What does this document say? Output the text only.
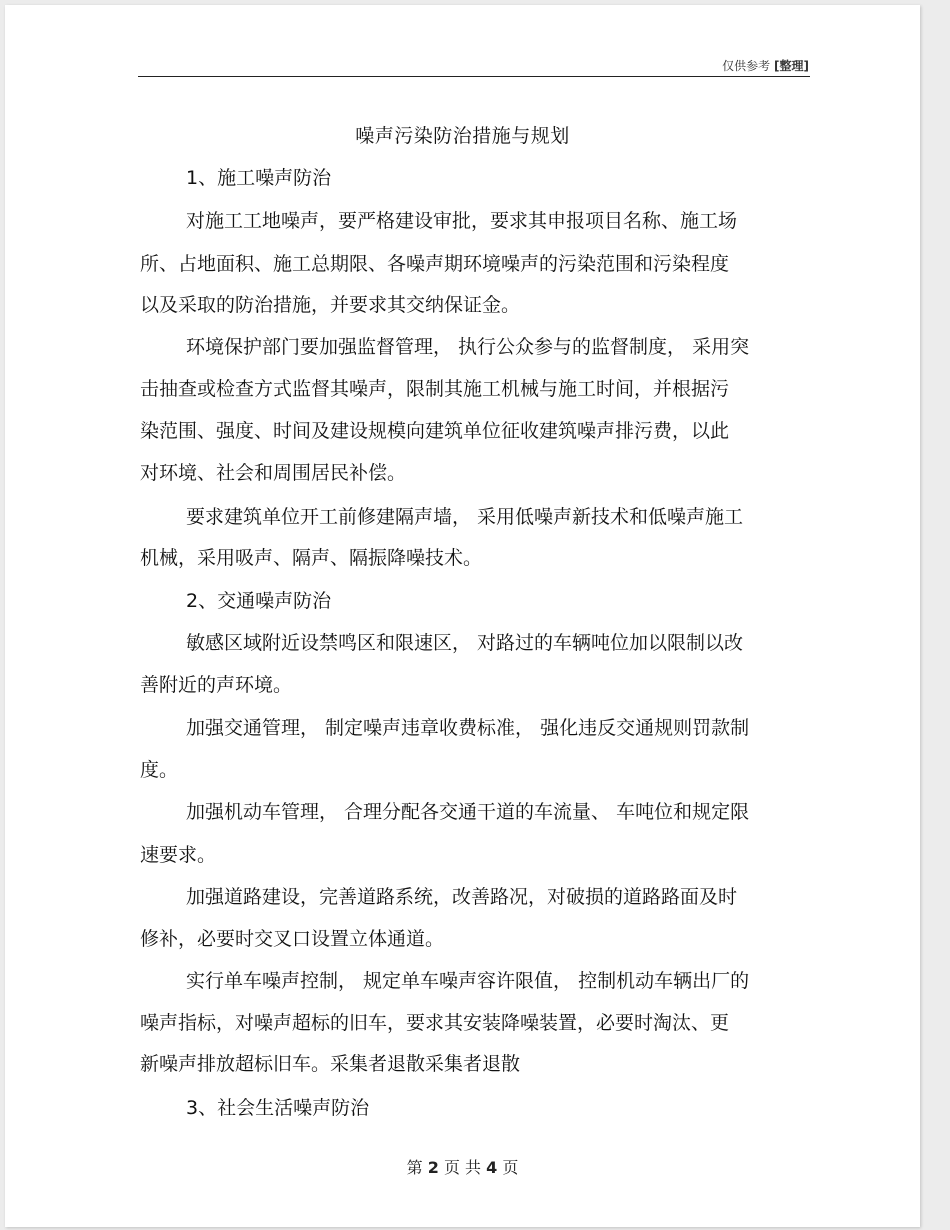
仅供参考 [整理]
噪声污染防治措施与规划
1、施工噪声防治
对施工工地噪声，要严格建设审批，要求其申报项目名称、施工场
所、占地面积、施工总期限、各噪声期环境噪声的污染范围和污染程度
以及采取的防治措施，并要求其交纳保证金。
环境保护部门要加强监督管理， 执行公众参与的监督制度， 采用突
击抽查或检查方式监督其噪声，限制其施工机械与施工时间，并根据污
染范围、强度、时间及建设规模向建筑单位征收建筑噪声排污费，以此
对环境、社会和周围居民补偿。
要求建筑单位开工前修建隔声墙， 采用低噪声新技术和低噪声施工
机械，采用吸声、隔声、隔振降噪技术。
2、交通噪声防治
敏感区域附近设禁鸣区和限速区， 对路过的车辆吨位加以限制以改
善附近的声环境。
加强交通管理， 制定噪声违章收费标准， 强化违反交通规则罚款制
度。
加强机动车管理， 合理分配各交通干道的车流量、 车吨位和规定限
速要求。
加强道路建设，完善道路系统，改善路况，对破损的道路路面及时
修补，必要时交叉口设置立体通道。
实行单车噪声控制， 规定单车噪声容许限值， 控制机动车辆出厂的
噪声指标，对噪声超标的旧车，要求其安装降噪装置，必要时淘汰、更
新噪声排放超标旧车。采集者退散采集者退散
3、社会生活噪声防治
第 2 页 共 4 页
